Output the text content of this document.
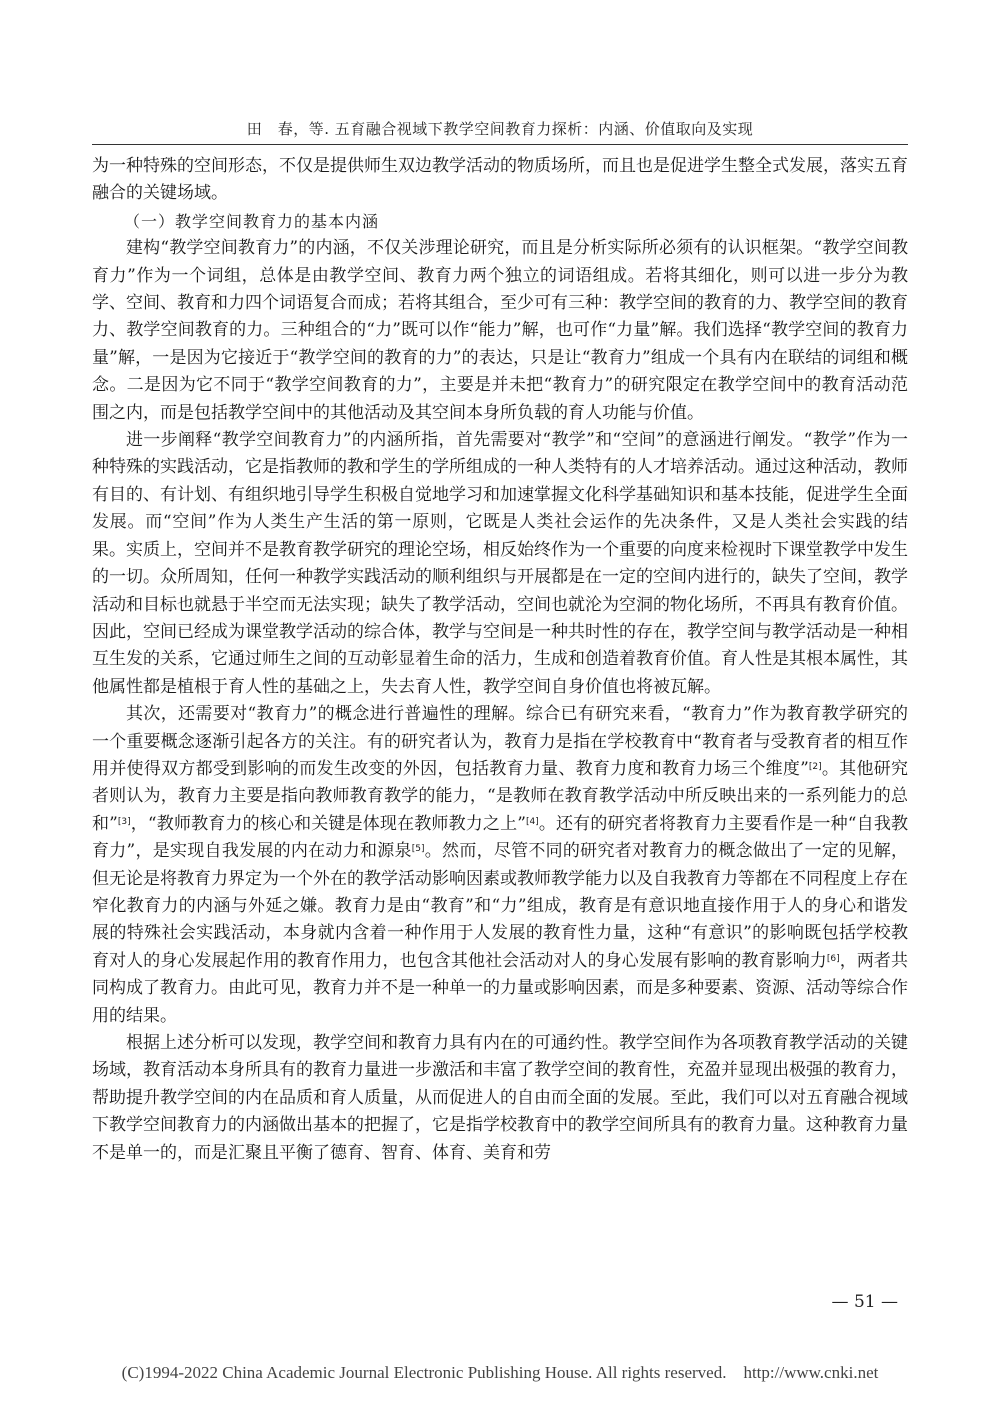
田　春，等. 五育融合视域下教学空间教育力探析：内涵、价值取向及实现

为一种特殊的空间形态，不仅是提供师生双边教学活动的物质场所，而且也是促进学生整全式发展，落实五育融合的关键场域。

（一）教学空间教育力的基本内涵

建构“教学空间教育力”的内涵，不仅关涉理论研究，而且是分析实际所必须有的认识框架。“教学空间教育力”作为一个词组，总体是由教学空间、教育力两个独立的词语组成。若将其细化，则可以进一步分为教学、空间、教育和力四个词语复合而成；若将其组合，至少可有三种：教学空间的教育的力、教学空间的教育力、教学空间教育的力。三种组合的“力”既可以作“能力”解，也可作“力量”解。我们选择“教学空间的教育力量”解，一是因为它接近于“教学空间的教育的力”的表达，只是让“教育力”组成一个具有内在联结的词组和概念。二是因为它不同于“教学空间教育的力”，主要是并未把“教育力”的研究限定在教学空间中的教育活动范围之内，而是包括教学空间中的其他活动及其空间本身所负载的育人功能与价值。

进一步阐释“教学空间教育力”的内涵所指，首先需要对“教学”和“空间”的意涵进行阐发。“教学”作为一种特殊的实践活动，它是指教师的教和学生的学所组成的一种人类特有的人才培养活动。通过这种活动，教师有目的、有计划、有组织地引导学生积极自觉地学习和加速掌握文化科学基础知识和基本技能，促进学生全面发展。而“空间”作为人类生产生活的第一原则，它既是人类社会运作的先决条件，又是人类社会实践的结果。实质上，空间并不是教育教学研究的理论空场，相反始终作为一个重要的向度来检视时下课堂教学中发生的一切。众所周知，任何一种教学实践活动的顺利组织与开展都是在一定的空间内进行的，缺失了空间，教学活动和目标也就悬于半空而无法实现；缺失了教学活动，空间也就沦为空洞的物化场所，不再具有教育价值。因此，空间已经成为课堂教学活动的综合体，教学与空间是一种共时性的存在，教学空间与教学活动是一种相互生发的关系，它通过师生之间的互动彰显着生命的活力，生成和创造着教育价值。育人性是其根本属性，其他属性都是植根于育人性的基础之上，失去育人性，教学空间自身价值也将被瓦解。

其次，还需要对“教育力”的概念进行普遍性的理解。综合已有研究来看，“教育力”作为教育教学研究的一个重要概念逐渐引起各方的关注。有的研究者认为，教育力是指在学校教育中“教育者与受教育者的相互作用并使得双方都受到影响的而发生改变的外因，包括教育力量、教育力度和教育力场三个维度”[2]。其他研究者则认为，教育力主要是指向教师教育教学的能力，“是教师在教育教学活动中所反映出来的一系列能力的总和”[3]，“教师教育力的核心和关键是体现在教师教力之上”[4]。还有的研究者将教育力主要看作是一种“自我教育力”，是实现自我发展的内在动力和源泉[5]。然而，尽管不同的研究者对教育力的概念做出了一定的见解，但无论是将教育力界定为一个外在的教学活动影响因素或教师教学能力以及自我教育力等都在不同程度上存在窄化教育力的内涵与外延之嫌。教育力是由“教育”和“力”组成，教育是有意识地直接作用于人的身心和谐发展的特殊社会实践活动，本身就内含着一种作用于人发展的教育性力量，这种“有意识”的影响既包括学校教育对人的身心发展起作用的教育作用力，也包含其他社会活动对人的身心发展有影响的教育影响力[6]，两者共同构成了教育力。由此可见，教育力并不是一种单一的力量或影响因素，而是多种要素、资源、活动等综合作用的结果。

根据上述分析可以发现，教学空间和教育力具有内在的可通约性。教学空间作为各项教育教学活动的关键场域，教育活动本身所具有的教育力量进一步激活和丰富了教学空间的教育性，充盈并显现出极强的教育力，帮助提升教学空间的内在品质和育人质量，从而促进人的自由而全面的发展。至此，我们可以对五育融合视域下教学空间教育力的内涵做出基本的把握了，它是指学校教育中的教学空间所具有的教育力量。这种教育力量不是单一的，而是汇聚且平衡了德育、智育、体育、美育和劳

— 51 —
(C)1994-2022 China Academic Journal Electronic Publishing House. All rights reserved.    http://www.cnki.net
